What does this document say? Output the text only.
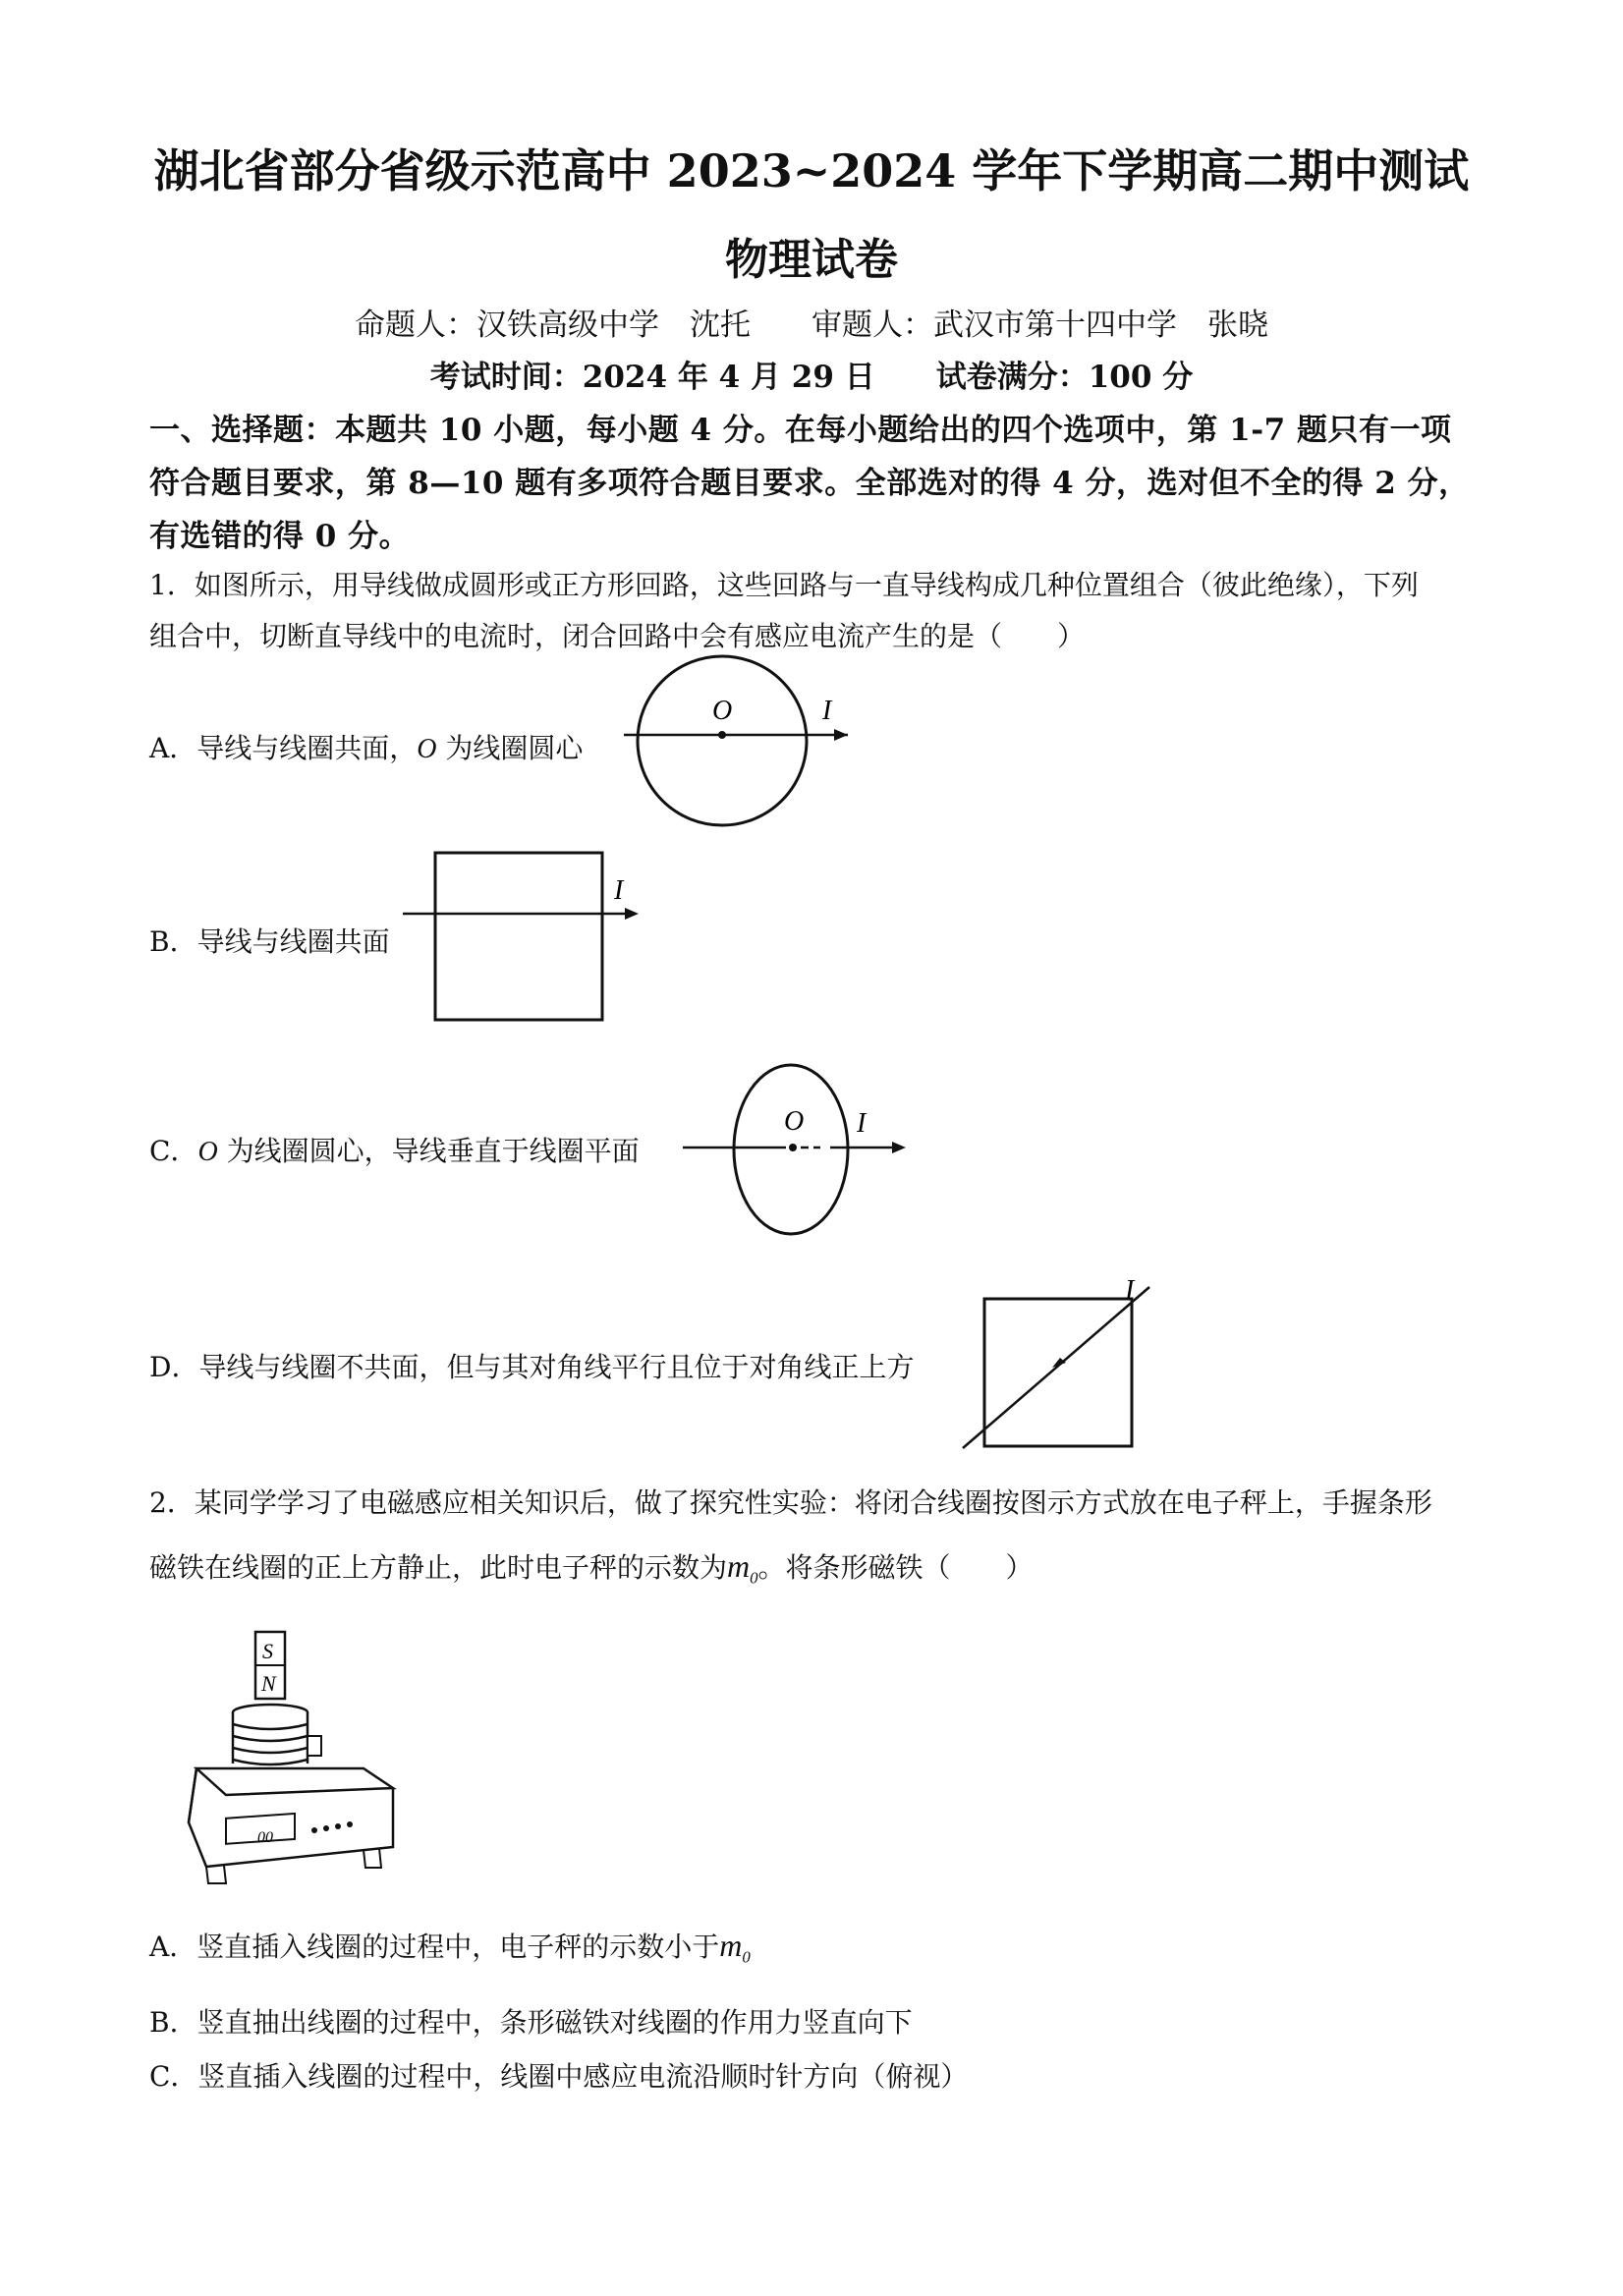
湖北省部分省级示范高中 2023~2024 学年下学期高二期中测试
物理试卷
命题人：汉铁高级中学　沈托　　审题人：武汉市第十四中学　张晓
考试时间：2024 年 4 月 29 日　　试卷满分：100 分
一、选择题：本题共 10 小题，每小题 4 分。在每小题给出的四个选项中，第 1-7 题只有一项
符合题目要求，第 8—10 题有多项符合题目要求。全部选对的得 4 分，选对但不全的得 2 分，
有选错的得 0 分。
1．如图所示，用导线做成圆形或正方形回路，这些回路与一直导线构成几种位置组合（彼此绝缘），下列
组合中，切断直导线中的电流时，闭合回路中会有感应电流产生的是（　　）
A．导线与线圈共面，O 为线圈圆心
O	I
B．导线与线圈共面
I
C．O 为线圈圆心，导线垂直于线圈平面
O I
D．导线与线圈不共面，但与其对角线平行且位于对角线正上方
I
2．某同学学习了电磁感应相关知识后，做了探究性实验：将闭合线圈按图示方式放在电子秤上，手握条形
磁铁在线圈的正上方静止，此时电子秤的示数为$m_0$。将条形磁铁（　　）
S
N
00
A．竖直插入线圈的过程中，电子秤的示数小于$m_0$
B．竖直抽出线圈的过程中，条形磁铁对线圈的作用力竖直向下
C．竖直插入线圈的过程中，线圈中感应电流沿顺时针方向（俯视）
